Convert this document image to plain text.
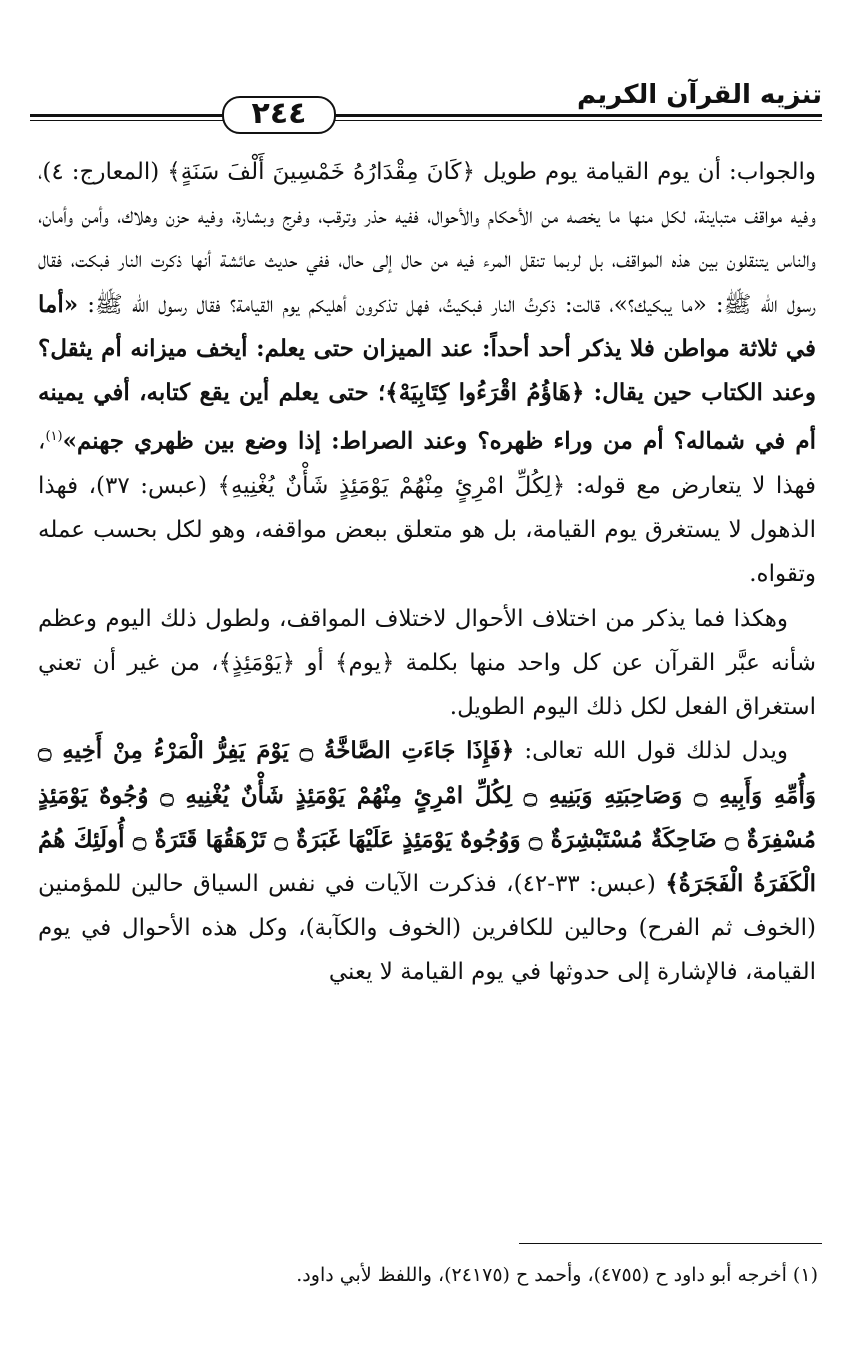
تنزيه القرآن الكريم
٢٤٤

والجواب: أن يوم القيامة يوم طويل ﴿كَانَ مِقْدَارُهُ خَمْسِينَ أَلْفَ سَنَةٍ﴾ (المعارج: ٤)، وفيه مواقف متباينة، لكل منها ما يخصه من الأحكام والأحوال، ففيه حذر وترقب، وفرج وبشارة، وفيه حزن وهلاك، وأمن وأمان، والناس يتنقلون بين هذه المواقف، بل لربما تنقل المرء فيه من حال إلى حال، ففي حديث عائشة أنها ذكرت النار فبكت، فقال رسول الله ﷺ: «ما يبكيك؟»، قالت: ذكرتُ النار فبكيتُ، فهل تذكرون أهليكم يوم القيامة؟ فقال رسول الله ﷺ: «أما في ثلاثة مواطن فلا يذكر أحد أحداً: عند الميزان حتى يعلم: أيخف ميزانه أم يثقل؟ وعند الكتاب حين يقال: ﴿هَاؤُمُ اقْرَءُوا كِتَابِيَهْ﴾؛ حتى يعلم أين يقع كتابه، أفي يمينه أم في شماله؟ أم من وراء ظهره؟ وعند الصراط: إذا وضع بين ظهري جهنم»$^{(١)}$، فهذا لا يتعارض مع قوله: ﴿لِكُلِّ امْرِئٍ مِنْهُمْ يَوْمَئِذٍ شَأْنٌ يُغْنِيهِ﴾ (عبس: ٣٧)، فهذا الذهول لا يستغرق يوم القيامة، بل هو متعلق ببعض مواقفه، وهو لكل بحسب عمله وتقواه.

وهكذا فما يذكر من اختلاف الأحوال لاختلاف المواقف، ولطول ذلك اليوم وعظم شأنه عبَّر القرآن عن كل واحد منها بكلمة ﴿يوم﴾ أو ﴿يَوْمَئِذٍ﴾، من غير أن تعني استغراق الفعل لكل ذلك اليوم الطويل.

ويدل لذلك قول الله تعالى: ﴿فَإِذَا جَاءَتِ الصَّاخَّةُ ۝ يَوْمَ يَفِرُّ الْمَرْءُ مِنْ أَخِيهِ ۝ وَأُمِّهِ وَأَبِيهِ ۝ وَصَاحِبَتِهِ وَبَنِيهِ ۝ لِكُلِّ امْرِئٍ مِنْهُمْ يَوْمَئِذٍ شَأْنٌ يُغْنِيهِ ۝ وُجُوهٌ يَوْمَئِذٍ مُسْفِرَةٌ ۝ ضَاحِكَةٌ مُسْتَبْشِرَةٌ ۝ وَوُجُوهٌ يَوْمَئِذٍ عَلَيْهَا غَبَرَةٌ ۝ تَرْهَقُهَا قَتَرَةٌ ۝ أُولَئِكَ هُمُ الْكَفَرَةُ الْفَجَرَةُ﴾ (عبس: ٣٣-٤٢)، فذكرت الآيات في نفس السياق حالين للمؤمنين (الخوف ثم الفرح) وحالين للكافرين (الخوف والكآبة)، وكل هذه الأحوال في يوم القيامة، فالإشارة إلى حدوثها في يوم القيامة لا يعني

(١) أخرجه أبو داود ح (٤٧٥٥)، وأحمد ح (٢٤١٧٥)، واللفظ لأبي داود.
